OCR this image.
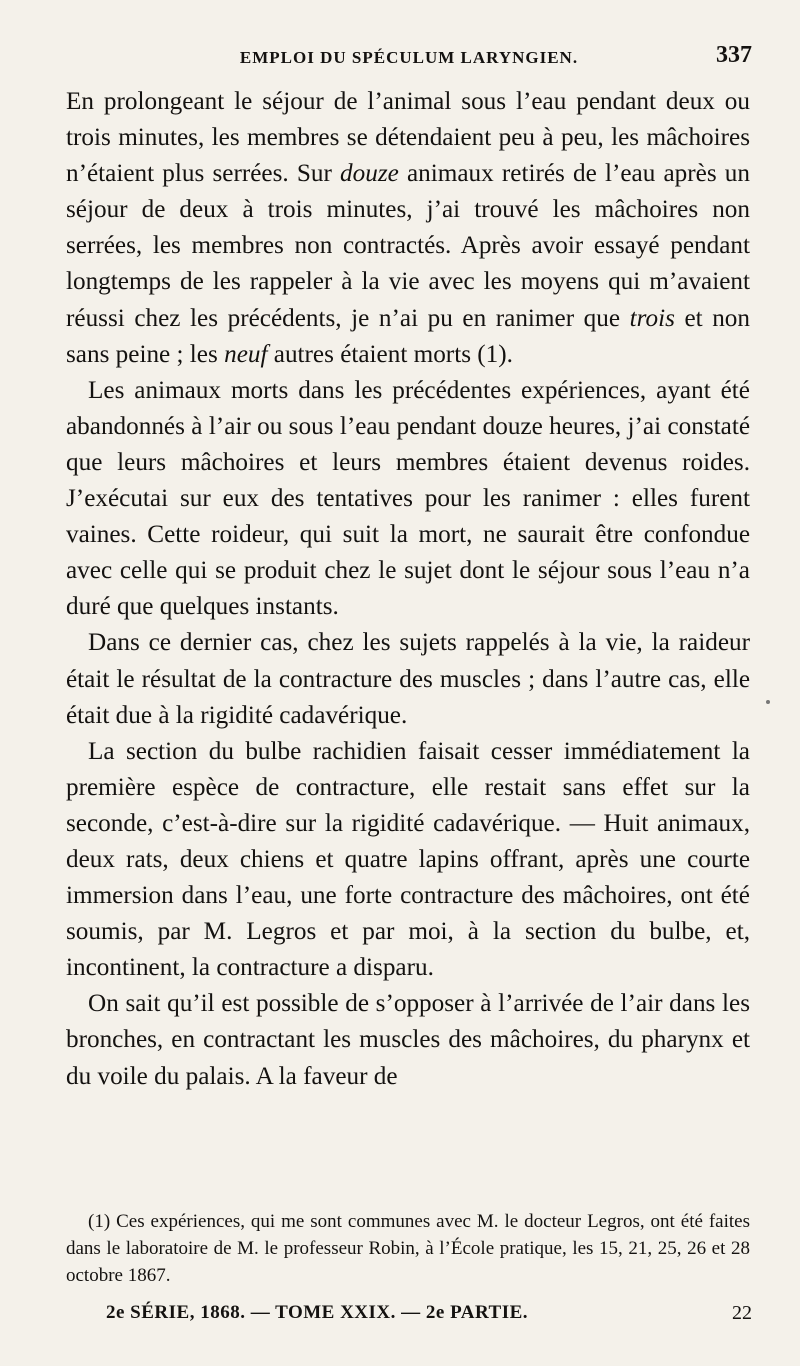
EMPLOI DU SPÉCULUM LARYNGIEN.	337

En prolongeant le séjour de l’animal sous l’eau pendant deux ou trois minutes, les membres se détendaient peu à peu, les mâchoires n’étaient plus serrées. Sur douze animaux retirés de l’eau après un séjour de deux à trois minutes, j’ai trouvé les mâchoires non serrées, les membres non contractés. Après avoir essayé pendant longtemps de les rappeler à la vie avec les moyens qui m’avaient réussi chez les précédents, je n’ai pu en ranimer que trois et non sans peine ; les neuf autres étaient morts (1).

Les animaux morts dans les précédentes expériences, ayant été abandonnés à l’air ou sous l’eau pendant douze heures, j’ai constaté que leurs mâchoires et leurs membres étaient devenus roides. J’exécutai sur eux des tentatives pour les ranimer : elles furent vaines. Cette roideur, qui suit la mort, ne saurait être confondue avec celle qui se produit chez le sujet dont le séjour sous l’eau n’a duré que quelques instants.

Dans ce dernier cas, chez les sujets rappelés à la vie, la raideur était le résultat de la contracture des muscles ; dans l’autre cas, elle était due à la rigidité cadavérique.

La section du bulbe rachidien faisait cesser immédiatement la première espèce de contracture, elle restait sans effet sur la seconde, c’est-à-dire sur la rigidité cadavérique. — Huit animaux, deux rats, deux chiens et quatre lapins offrant, après une courte immersion dans l’eau, une forte contracture des mâchoires, ont été soumis, par M. Legros et par moi, à la section du bulbe, et, incontinent, la contracture a disparu.

On sait qu’il est possible de s’opposer à l’arrivée de l’air dans les bronches, en contractant les muscles des mâchoires, du pharynx et du voile du palais. A la faveur de

(1) Ces expériences, qui me sont communes avec M. le docteur Legros, ont été faites dans le laboratoire de M. le professeur Robin, à l’École pratique, les 15, 21, 25, 26 et 28 octobre 1867.
2e SÉRIE, 1868. — TOME XXIX. — 2e PARTIE.	22
